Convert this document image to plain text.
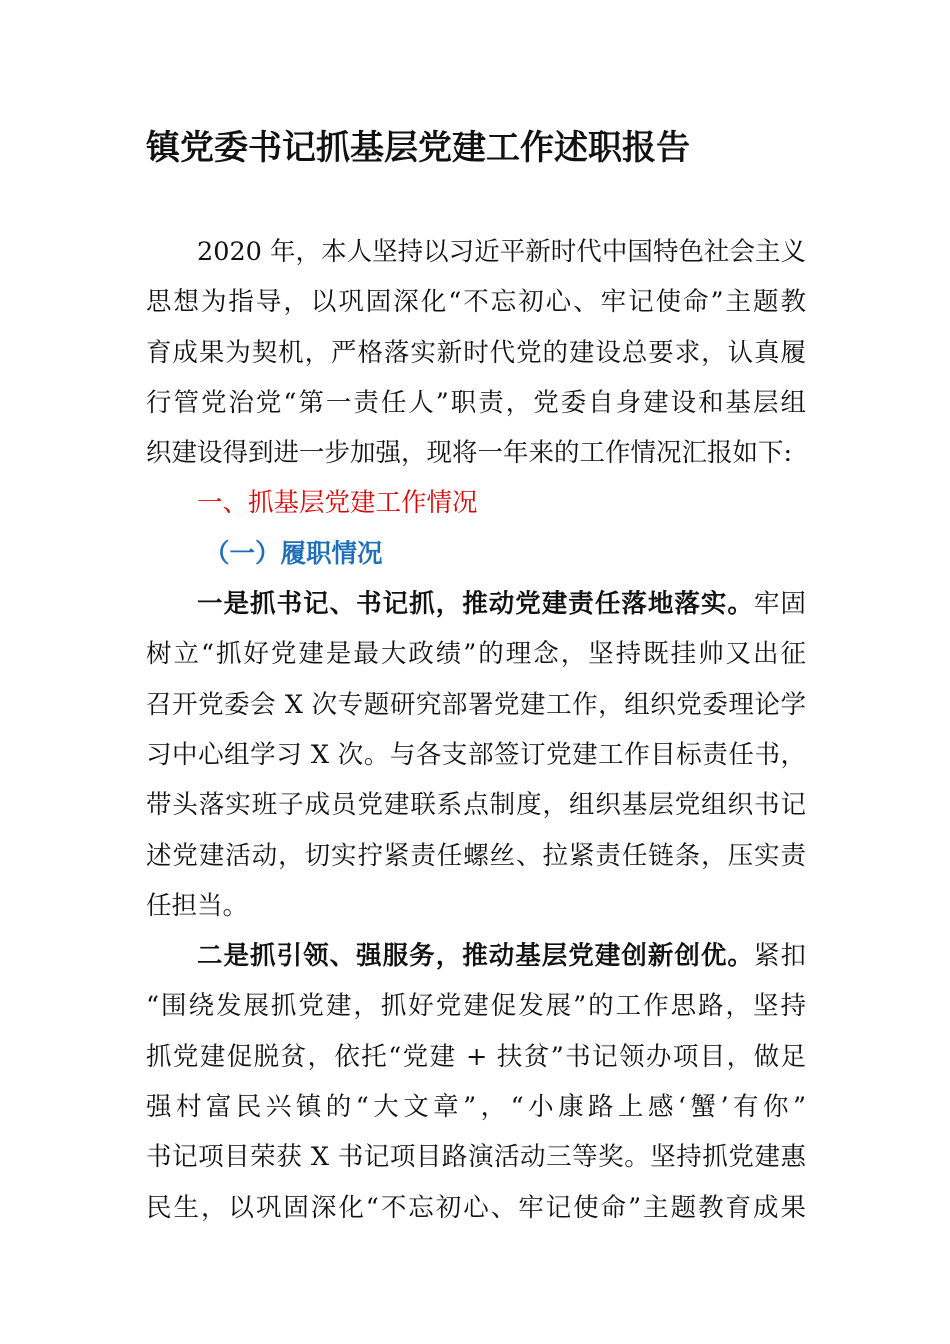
镇党委书记抓基层党建工作述职报告
2020 年，本人坚持以习近平新时代中国特色社会主义
思想为指导，以巩固深化“不忘初心、牢记使命”主题教
育成果为契机，严格落实新时代党的建设总要求，认真履
行管党治党“第一责任人”职责，党委自身建设和基层组
织建设得到进一步加强，现将一年来的工作情况汇报如下:
一、抓基层党建工作情况
（一）履职情况
一是抓书记、书记抓，推动党建责任落地落实。牢固
树立“抓好党建是最大政绩”的理念，坚持既挂帅又出征
召开党委会 X 次专题研究部署党建工作，组织党委理论学
习中心组学习 X 次。与各支部签订党建工作目标责任书，
带头落实班子成员党建联系点制度，组织基层党组织书记
述党建活动，切实拧紧责任螺丝、拉紧责任链条，压实责
任担当。
二是抓引领、强服务，推动基层党建创新创优。紧扣
“围绕发展抓党建，抓好党建促发展”的工作思路，坚持
抓党建促脱贫，依托“党建 + 扶贫”书记领办项目，做足
强村富民兴镇的“大文章”，“小康路上感‘蟹’有你”
书记项目荣获 X 书记项目路演活动三等奖。坚持抓党建惠
民生，以巩固深化“不忘初心、牢记使命”主题教育成果
